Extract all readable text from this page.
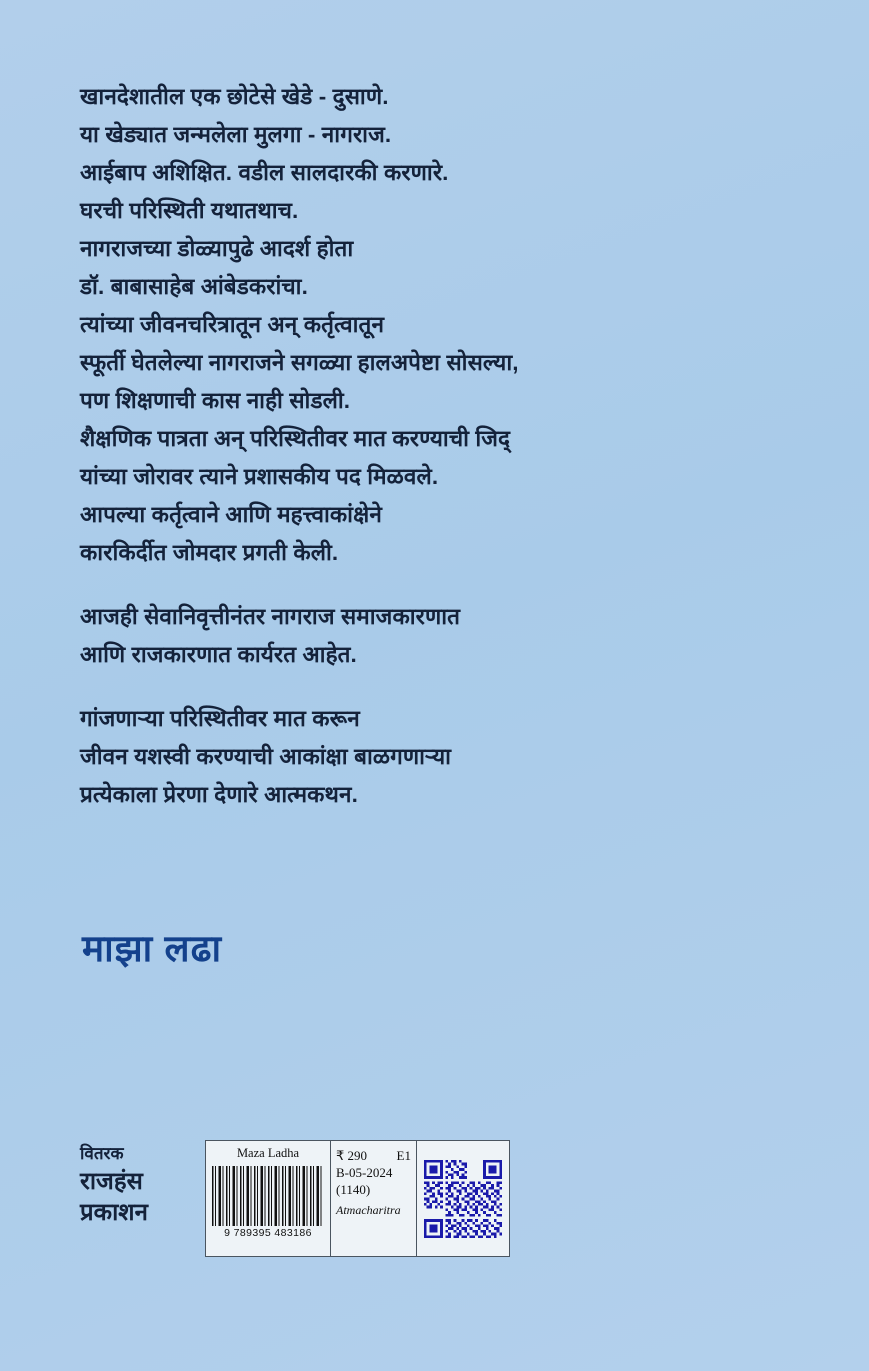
खानदेशातील एक छोटेसे खेडे - दुसाणे.
या खेड्यात जन्मलेला मुलगा - नागराज.
आईबाप अशिक्षित. वडील सालदारकी करणारे.
घरची परिस्थिती यथातथाच.
नागराजच्या डोळ्यापुढे आदर्श होता
डॉ. बाबासाहेब आंबेडकरांचा.
त्यांच्या जीवनचरित्रातून अन् कर्तृत्वातून
स्फूर्ती घेतलेल्या नागराजने सगळ्या हालअपेष्टा सोसल्या,
पण शिक्षणाची कास नाही सोडली.
शैक्षणिक पात्रता अन् परिस्थितीवर मात करण्याची जिद्
यांच्या जोरावर त्याने प्रशासकीय पद मिळवले.
आपल्या कर्तृत्वाने आणि महत्त्वाकांक्षेने
कारकिर्दीत जोमदार प्रगती केली.

आजही सेवानिवृत्तीनंतर नागराज समाजकारणात
आणि राजकारणात कार्यरत आहेत.

गांजणाऱ्या परिस्थितीवर मात करून
जीवन यशस्वी करण्याची आकांक्षा बाळगणाऱ्या
प्रत्येकाला प्रेरणा देणारे आत्मकथन.

माझा लढा
वितरक
राजहंस
प्रकाशन
Maza Ladha
9 789395 483186
₹ 290 E1
B-05-2024
(1140)
Atmacharitra
